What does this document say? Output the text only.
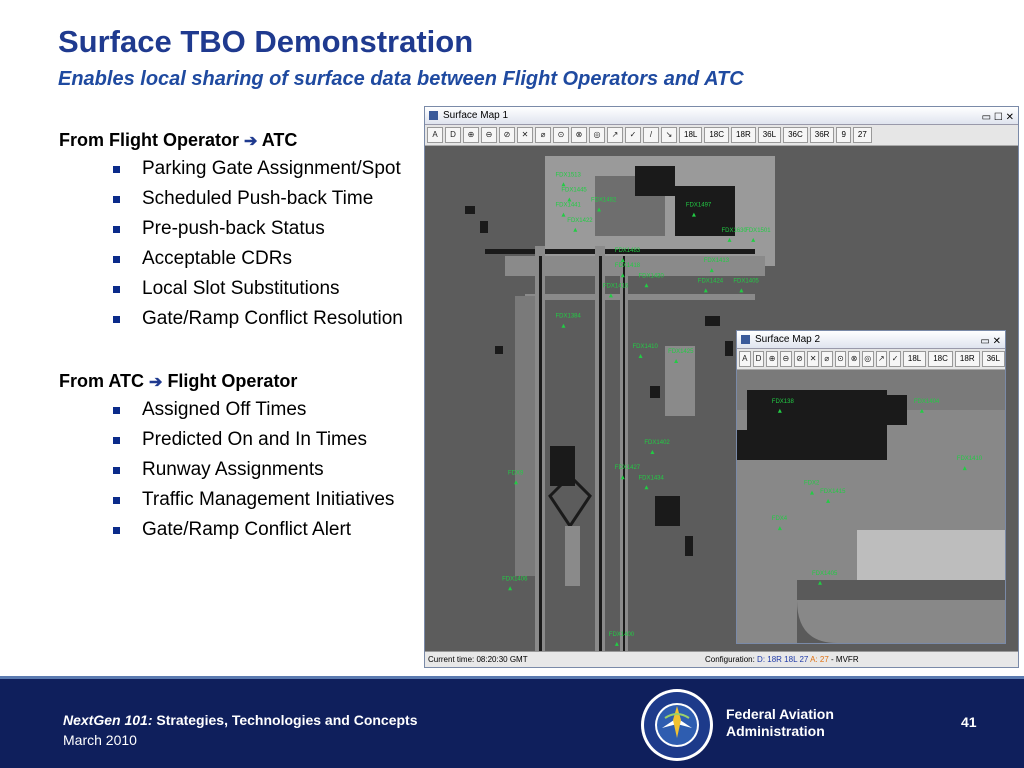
Surface TBO Demonstration
Enables local sharing of surface data between Flight Operators and ATC
From Flight Operator ➔ ATC
Parking Gate Assignment/Spot
Scheduled Push-back Time
Pre-push-back Status
Acceptable CDRs
Local Slot Substitutions
Gate/Ramp Conflict Resolution
From ATC ➔ Flight Operator
Assigned Off Times
Predicted On and In Times
Runway Assignments
Traffic Management Initiatives
Gate/Ramp Conflict Alert
Surface Map 1	▭ ☐ ✕
A	D	⊕	⊖	⊘	✕	⌀	⊙	⊗	◎	↗	✓	/	↘	18L	18C	18R	36L	36C	36R	9	27
FDX1513
FDX1445
FDX1441
FDX1482
FDX1422
FDX1497
FDX1630
FDX1501
FDX1483
FDX1413
FDX1418
FDX1430
FDX1424 FDX1405
FDX1416
FDX1384
FDX1410
FDX1425
FDX1402
FDX1427
FDX1434
FDX9
FDX1406
FDX1400
Current time: 08:20:30 GMT	Configuration: D: 18R 18L 27 A: 27 - MVFR
Surface Map 2	▭ ✕
A	D ⊕ ⊖ ⊘ ✕ ⌀ ⊙ ⊗ ◎ ↗ ✓	18L	18C	18R	36L
FDX138	FDX1404
FDX1410
FDX2
FDX1415
FDX4
FDX1405
NextGen 101: Strategies, Technologies and Concepts
March 2010
Federal Aviation
Administration
41
